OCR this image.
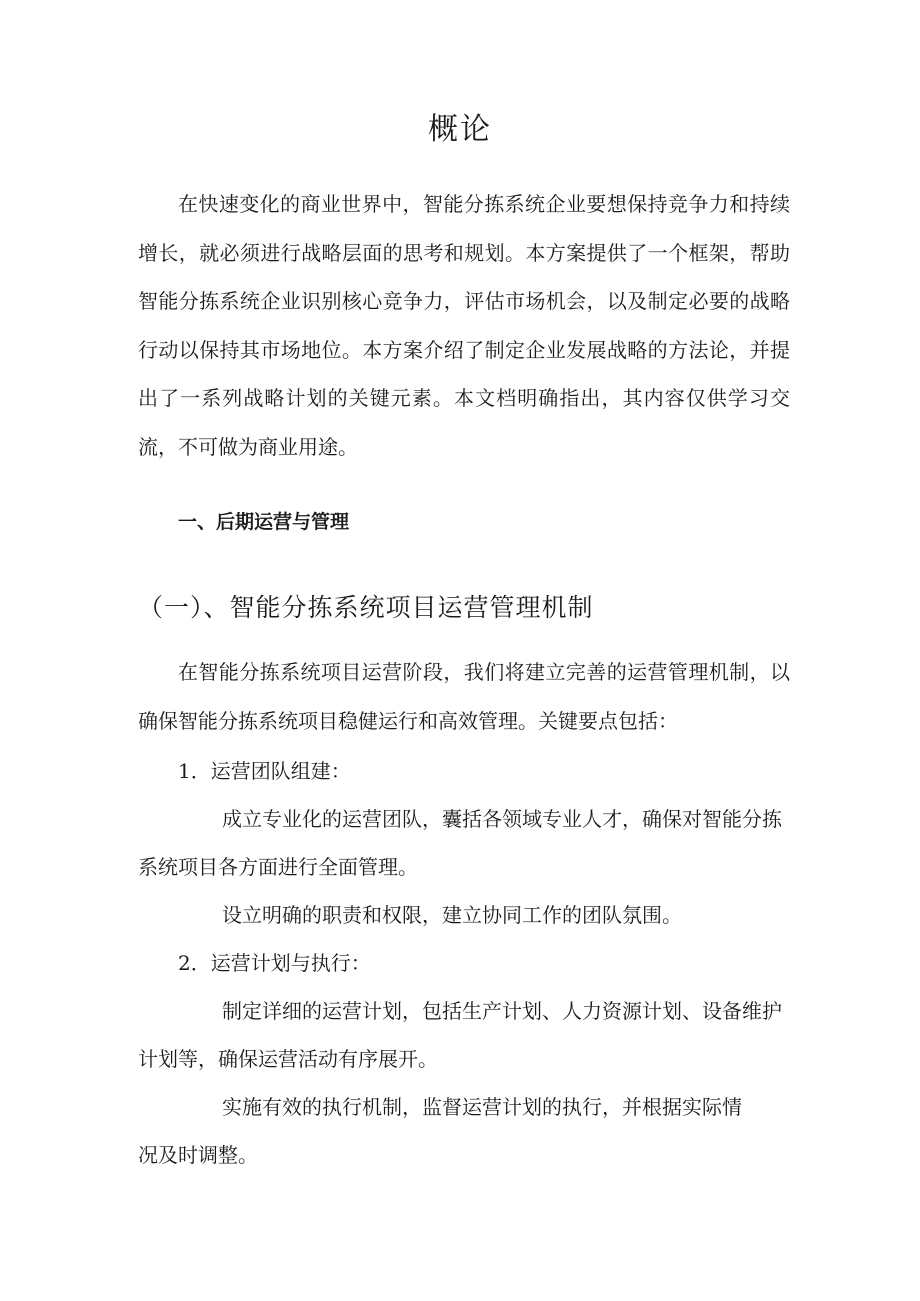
概论
在快速变化的商业世界中，智能分拣系统企业要想保持竞争力和持续增长，就必须进行战略层面的思考和规划。本方案提供了一个框架，帮助智能分拣系统企业识别核心竞争力，评估市场机会，以及制定必要的战略行动以保持其市场地位。本方案介绍了制定企业发展战略的方法论，并提出了一系列战略计划的关键元素。本文档明确指出，其内容仅供学习交流，不可做为商业用途。
一、后期运营与管理
（一）、智能分拣系统项目运营管理机制
在智能分拣系统项目运营阶段，我们将建立完善的运营管理机制，以确保智能分拣系统项目稳健运行和高效管理。关键要点包括：
1．运营团队组建：
成立专业化的运营团队，囊括各领域专业人才，确保对智能分拣
系统项目各方面进行全面管理。
设立明确的职责和权限，建立协同工作的团队氛围。
2．运营计划与执行：
制定详细的运营计划，包括生产计划、人力资源计划、设备维护
计划等，确保运营活动有序展开。
实施有效的执行机制，监督运营计划的执行，并根据实际情
况及时调整。
